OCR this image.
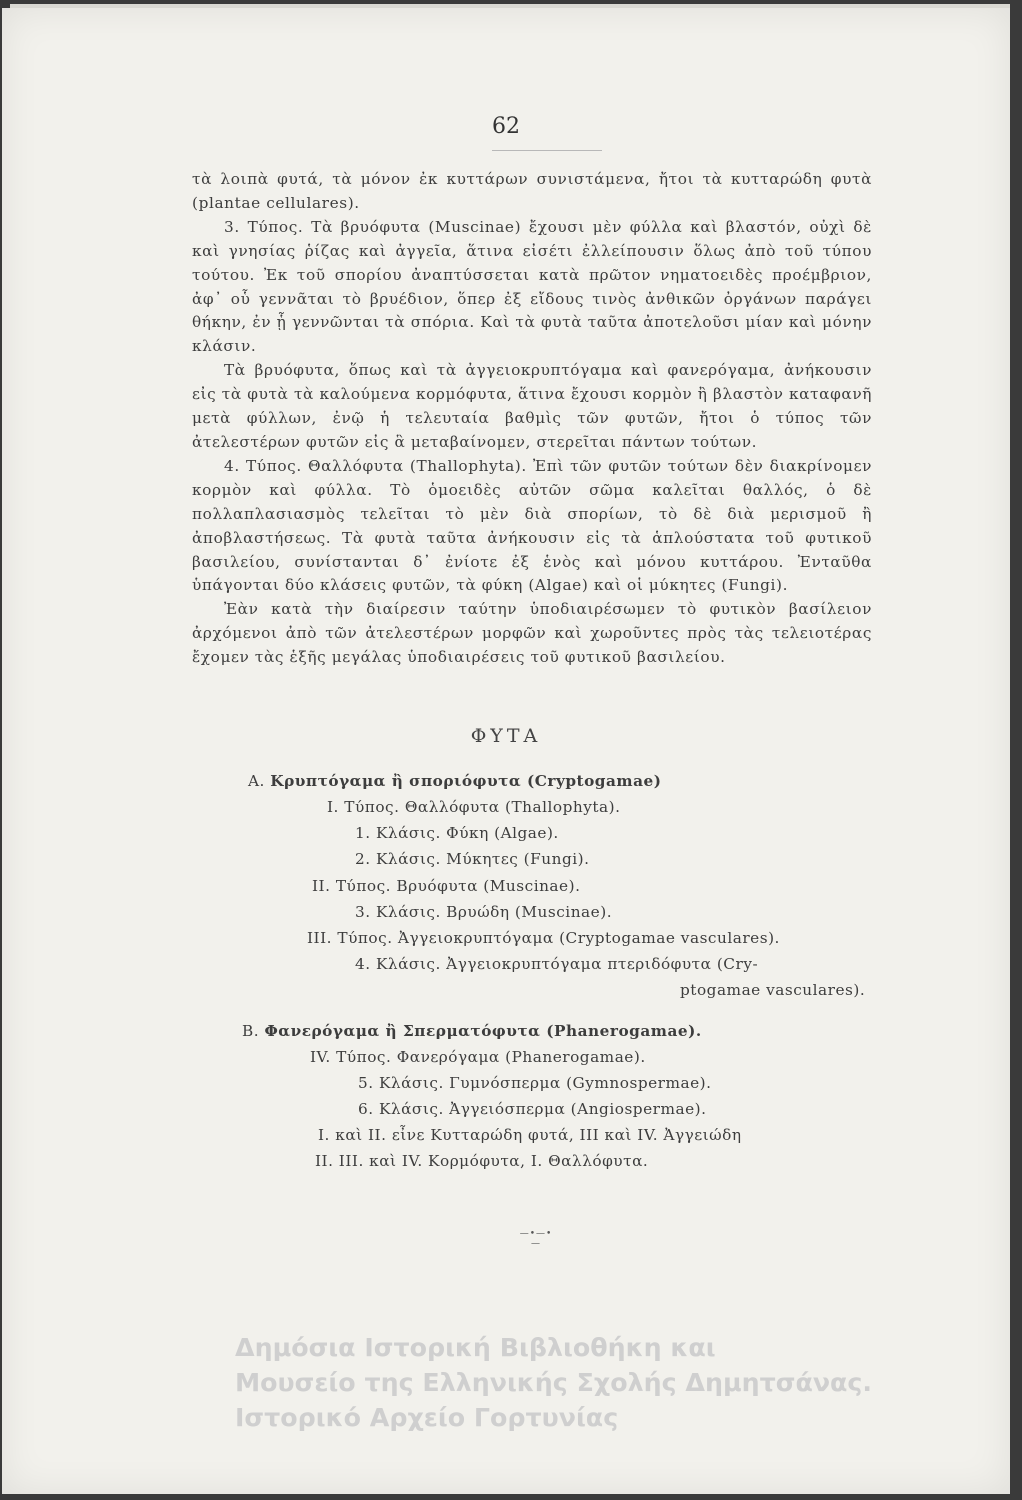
62

τὰ λοιπὰ φυτά, τὰ μόνον ἐκ κυττάρων συνιστάμενα, ἤτοι τὰ κυτταρώδη φυτὰ (plantae cellulares).

3. Τύπος. Τὰ βρυόφυτα (Muscinae) ἔχουσι μὲν φύλλα καὶ βλαστόν, οὐχὶ δὲ καὶ γνησίας ῥίζας καὶ ἀγγεῖα, ἅτινα εἰσέτι ἐλλείπουσιν ὅλως ἀπὸ τοῦ τύπου τούτου. Ἐκ τοῦ σπορίου ἀναπτύσσεται κατὰ πρῶτον νηματοειδὲς προέμβριον, ἀφ᾽ οὗ γεννᾶται τὸ βρυέδιον, ὅπερ ἐξ εἴδους τινὸς ἀνθικῶν ὀργάνων παράγει θήκην, ἐν ᾗ γεννῶνται τὰ σπόρια. Καὶ τὰ φυτὰ ταῦτα ἀποτελοῦσι μίαν καὶ μόνην κλάσιν.

Τὰ βρυόφυτα, ὅπως καὶ τὰ ἀγγειοκρυπτόγαμα καὶ φανερόγαμα, ἀνήκουσιν εἰς τὰ φυτὰ τὰ καλούμενα κορμόφυτα, ἅτινα ἔχουσι κορμὸν ἢ βλαστὸν καταφανῆ μετὰ φύλλων, ἐνῷ ἡ τελευταία βαθμὶς τῶν φυτῶν, ἤτοι ὁ τύπος τῶν ἀτελεστέρων φυτῶν εἰς ἃ μεταβαίνομεν, στερεῖται πάντων τούτων.

4. Τύπος. Θαλλόφυτα (Thallophyta). Ἐπὶ τῶν φυτῶν τούτων δὲν διακρίνομεν κορμὸν καὶ φύλλα. Τὸ ὁμοειδὲς αὐτῶν σῶμα καλεῖται θαλλός, ὁ δὲ πολλαπλασιασμὸς τελεῖται τὸ μὲν διὰ σπορίων, τὸ δὲ διὰ μερισμοῦ ἢ ἀποβλαστήσεως. Τὰ φυτὰ ταῦτα ἀνήκουσιν εἰς τὰ ἁπλούστατα τοῦ φυτικοῦ βασιλείου, συνίστανται δ᾽ ἐνίοτε ἐξ ἑνὸς καὶ μόνου κυττάρου. Ἐνταῦθα ὑπάγονται δύο κλάσεις φυτῶν, τὰ φύκη (Algae) καὶ οἱ μύκητες (Fungi).

Ἐὰν κατὰ τὴν διαίρεσιν ταύτην ὑποδιαιρέσωμεν τὸ φυτικὸν βασίλειον ἀρχόμενοι ἀπὸ τῶν ἀτελεστέρων μορφῶν καὶ χωροῦντες πρὸς τὰς τελειοτέρας ἔχομεν τὰς ἑξῆς μεγάλας ὑποδιαιρέσεις τοῦ φυτικοῦ βασιλείου.

ΦΥΤΑ
Α. Κρυπτόγαμα ἢ σποριόφυτα (Cryptogamae)
I. Τύπος. Θαλλόφυτα (Thallophyta).
1. Κλάσις. Φύκη (Algae).
2. Κλάσις. Μύκητες (Fungi).
II. Τύπος. Βρυόφυτα (Muscinae).
3. Κλάσις. Βρυώδη (Muscinae).
III. Τύπος. Ἀγγειοκρυπτόγαμα (Cryptogamae vasculares).
4. Κλάσις. Ἀγγειοκρυπτόγαμα πτεριδόφυτα (Cry-
ptogamae vasculares).
Β. Φανερόγαμα ἢ Σπερματόφυτα (Phanerogamae).
IV. Τύπος. Φανερόγαμα (Phanerogamae).
5. Κλάσις. Γυμνόσπερμα (Gymnospermae).
6. Κλάσις. Ἀγγειόσπερμα (Angiospermae).
I. καὶ II. εἶνε Κυτταρώδη φυτά, III καὶ IV. Ἀγγειώδη
II. III. καὶ IV. Κορμόφυτα, I. Θαλλόφυτα.
—•—•—
Δημόσια Ιστορική Βιβλιοθήκη και
Μουσείο της Ελληνικής Σχολής Δημητσάνας.
Ιστορικό Αρχείο Γορτυνίας
